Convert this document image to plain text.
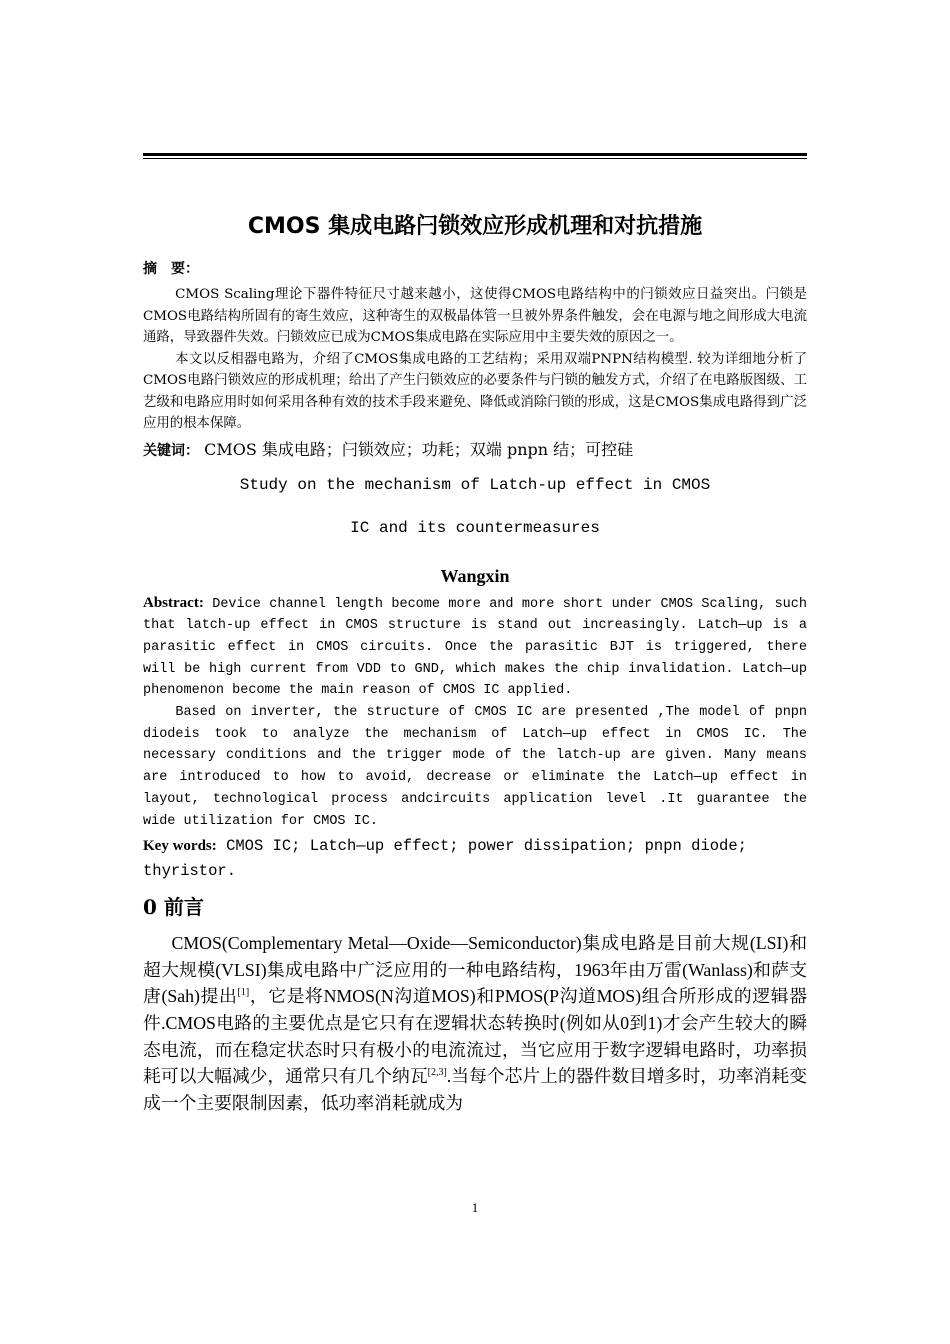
CMOS 集成电路闩锁效应形成机理和对抗措施
摘　要：

CMOS Scaling理论下器件特征尺寸越来越小，这使得CMOS电路结构中的闩锁效应日益突出。闩锁是CMOS电路结构所固有的寄生效应，这种寄生的双极晶体管一旦被外界条件触发，会在电源与地之间形成大电流通路，导致器件失效。闩锁效应已成为CMOS集成电路在实际应用中主要失效的原因之一。

本文以反相器电路为，介绍了CMOS集成电路的工艺结构；采用双端PNPN结构模型. 较为详细地分析了CMOS电路闩锁效应的形成机理；给出了产生闩锁效应的必要条件与闩锁的触发方式，介绍了在电路版图级、工艺级和电路应用时如何采用各种有效的技术手段来避免、降低或消除闩锁的形成，这是CMOS集成电路得到广泛应用的根本保障。

关键词： CMOS 集成电路；闩锁效应；功耗；双端 pnpn 结；可控硅

Study on the mechanism of Latch-up effect in CMOS

IC and its countermeasures

Wangxin

Abstract: Device channel length become more and more short under CMOS Scaling, such that latch-up effect in CMOS structure is stand out increasingly. Latch—up is a parasitic effect in CMOS circuits. Once the parasitic BJT is triggered, there will be high current from VDD to GND, which makes the chip invalidation. Latch—up phenomenon become the main reason of CMOS IC applied.

Based on inverter, the structure of CMOS IC are presented ,The model of pnpn diodeis took to analyze the mechanism of Latch—up effect in CMOS IC. The necessary conditions and the trigger mode of the latch-up are given. Many means are introduced to how to avoid, decrease or eliminate the Latch—up effect in layout, technological process andcircuits application level .It guarantee the wide utilization for CMOS IC.

Key words: CMOS IC; Latch—up effect; power dissipation; pnpn diode; thyristor.

0 前言

CMOS(Complementary Metal—Oxide—Semiconductor)集成电路是目前大规(LSI)和超大规模(VLSI)集成电路中广泛应用的一种电路结构，1963年由万雷(Wanlass)和萨支唐(Sah)提出[1]，它是将NMOS(N沟道MOS)和PMOS(P沟道MOS)组合所形成的逻辑器件.CMOS电路的主要优点是它只有在逻辑状态转换时(例如从0到1)才会产生较大的瞬态电流，而在稳定状态时只有极小的电流流过，当它应用于数字逻辑电路时，功率损耗可以大幅减少，通常只有几个纳瓦[2,3].当每个芯片上的器件数目增多时，功率消耗变成一个主要限制因素，低功率消耗就成为

1
